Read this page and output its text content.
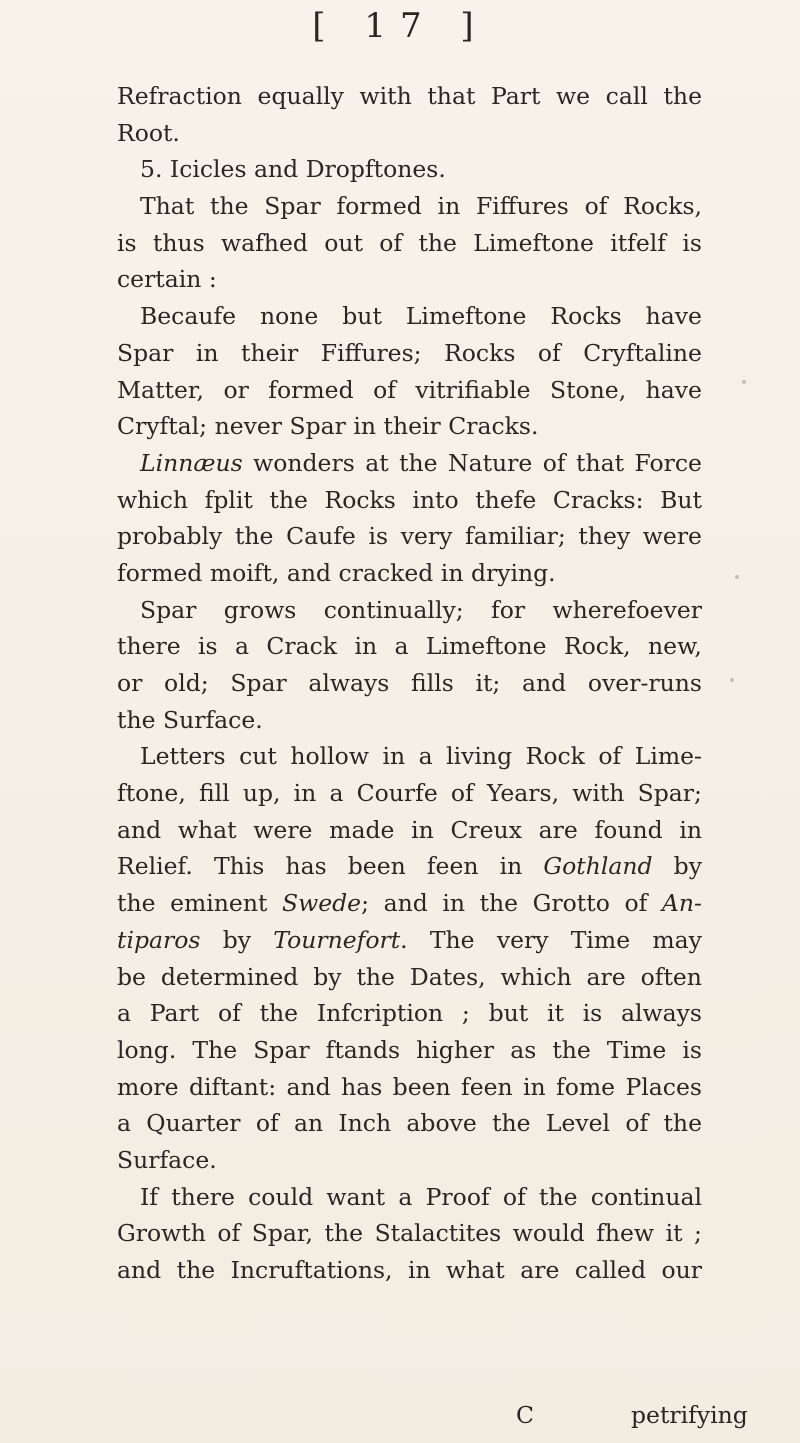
[ 17 ]
Refraction equally with that Part we call the
Root.
5. Icicles and Dropftones.
That the Spar formed in Fiffures of Rocks,
is thus wafhed out of the Limeftone itfelf is
certain :
Becaufe none but Limeftone Rocks have
Spar in their Fiffures; Rocks of Cryftaline
Matter, or formed of vitrifiable Stone, have
Cryftal; never Spar in their Cracks.
Linnæus wonders at the Nature of that Force
which fplit the Rocks into thefe Cracks: But
probably the Caufe is very familiar; they were
formed moift, and cracked in drying.
Spar grows continually; for wherefoever
there is a Crack in a Limeftone Rock, new,
or old; Spar always fills it; and over-runs
the Surface.
Letters cut hollow in a living Rock of Lime-
ftone, fill up, in a Courfe of Years, with Spar;
and what were made in Creux are found in
Relief. This has been feen in Gothland by
the eminent Swede; and in the Grotto of An-
tiparos by Tournefort. The very Time may
be determined by the Dates, which are often
a Part of the Infcription ; but it is always
long. The Spar ftands higher as the Time is
more diftant: and has been feen in fome Places
a Quarter of an Inch above the Level of the
Surface.
If there could want a Proof of the continual
Growth of Spar, the Stalactites would fhew it ;
and the Incruftations, in what are called our
C	petrifying
